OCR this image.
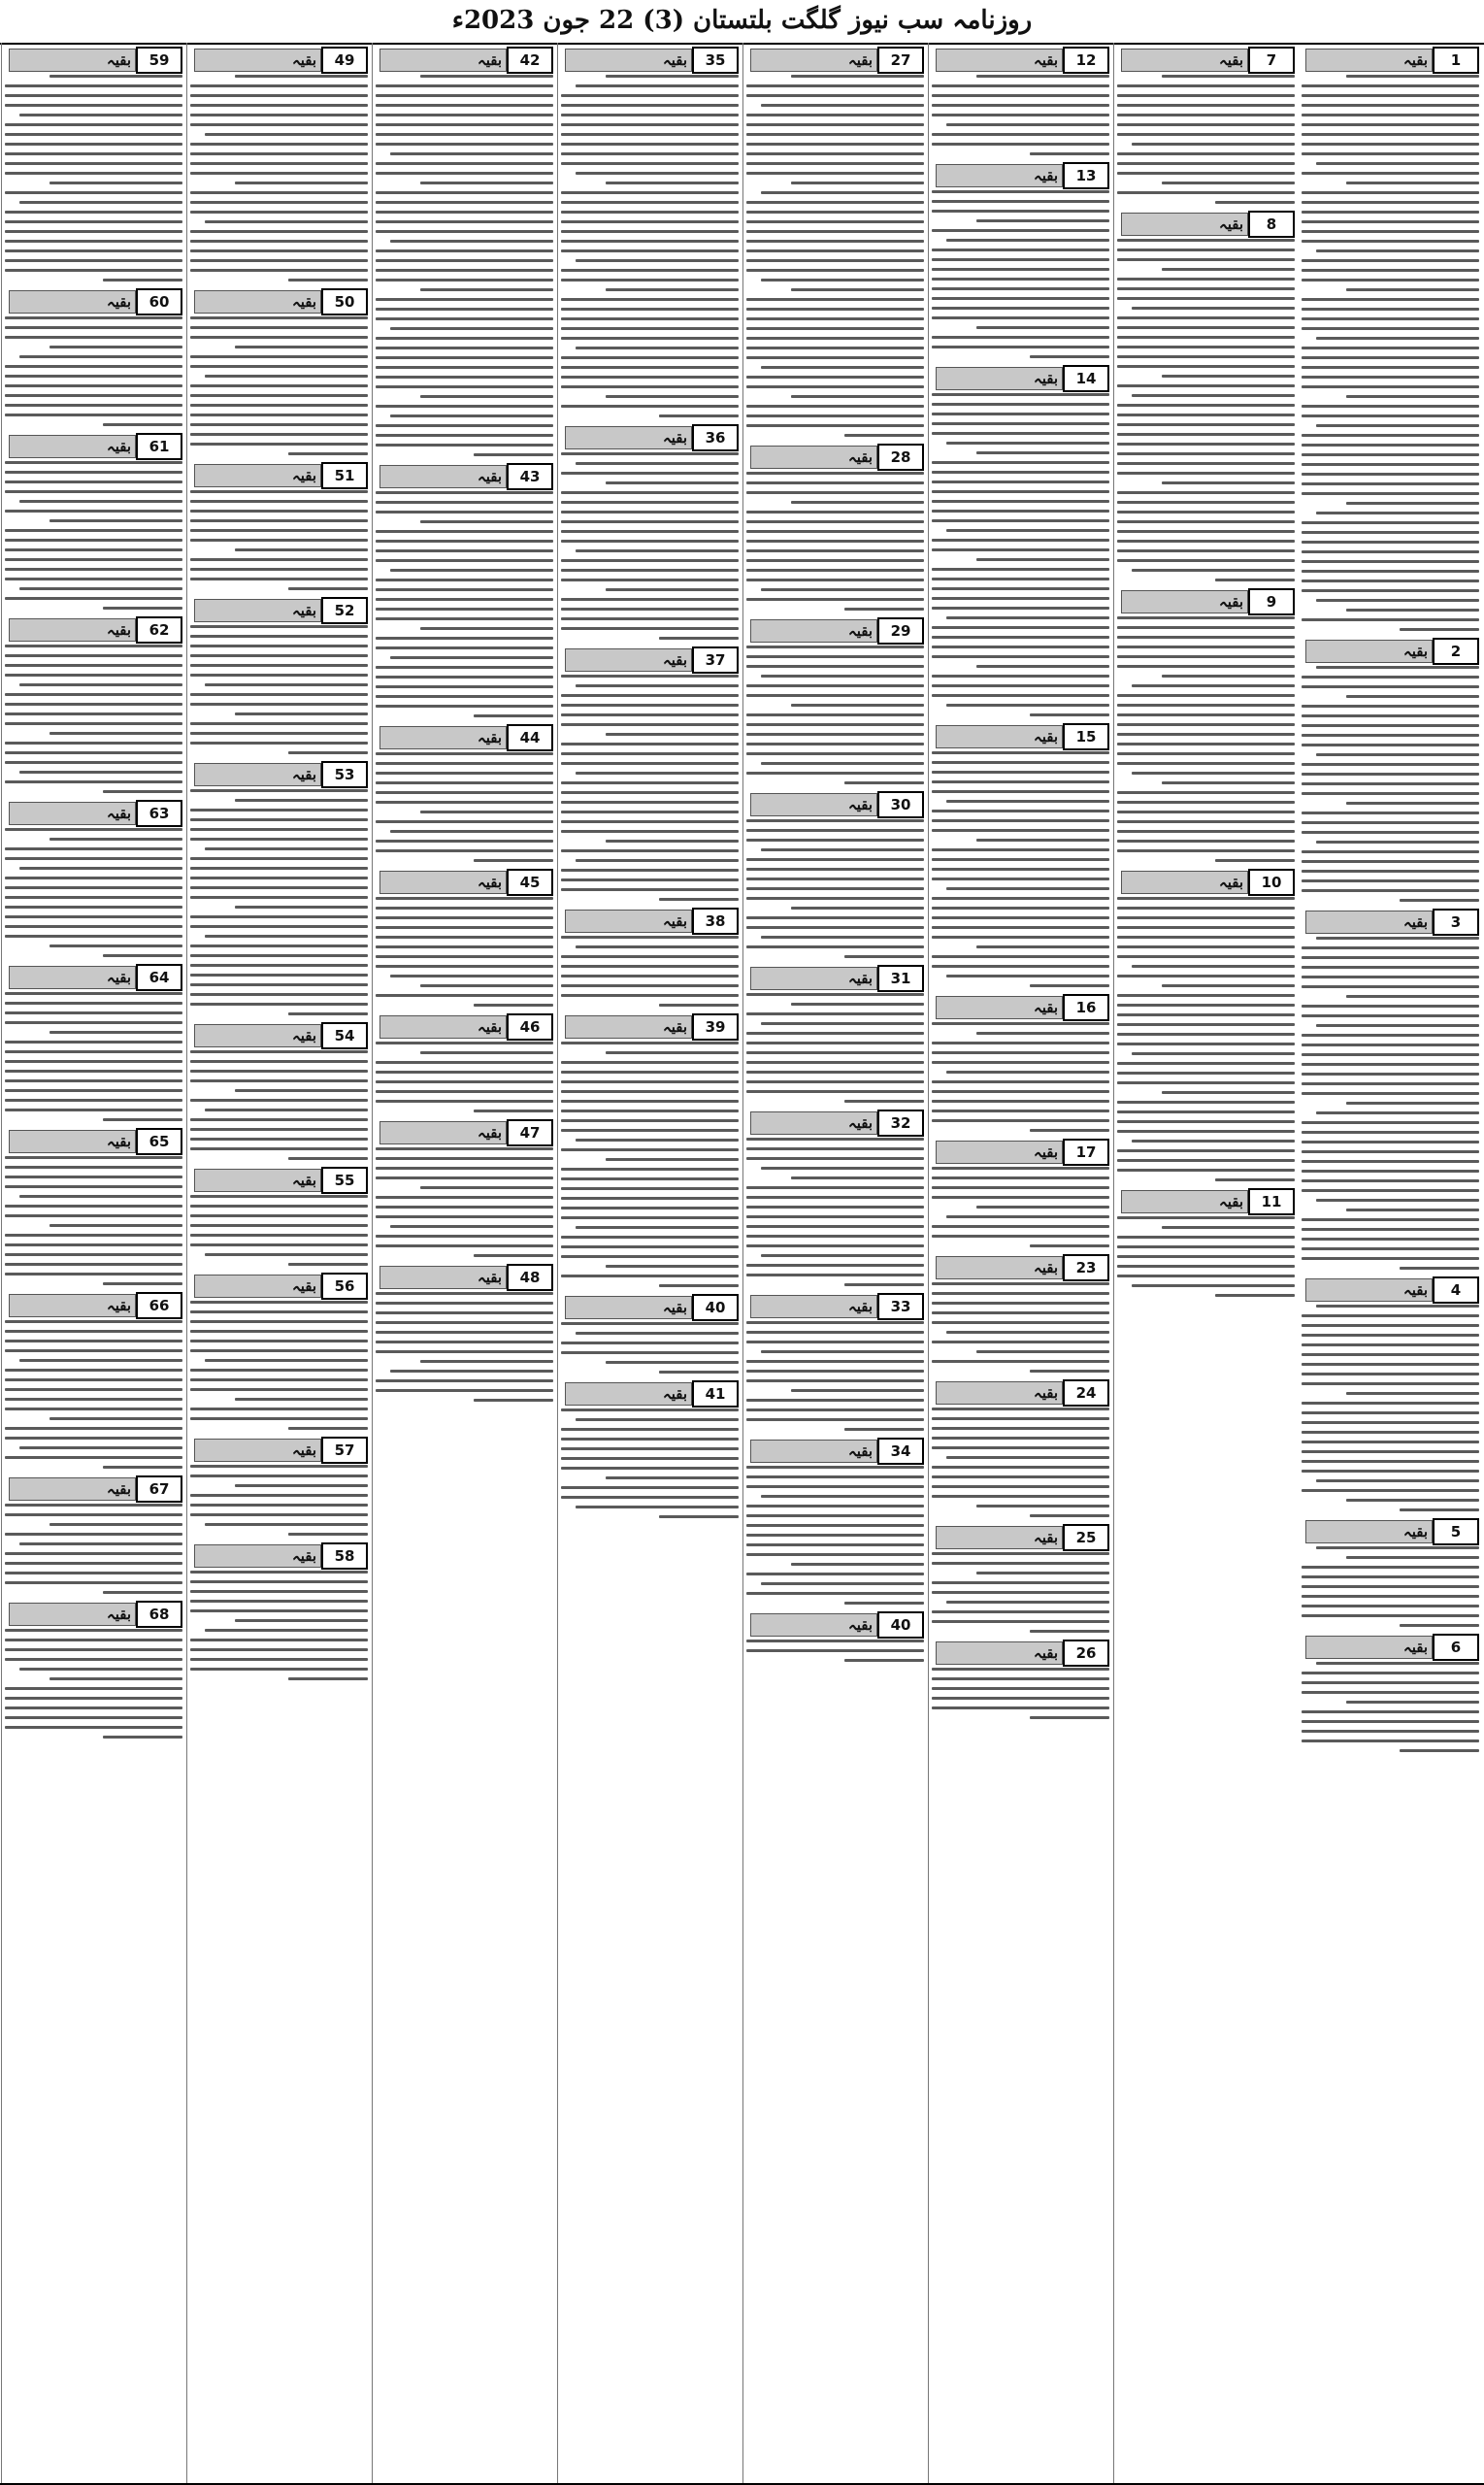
روزنامہ سب نیوز گلگت بلتستان (3) 22 جون 2023ء
بقیہ	1
بقیہ	2
بقیہ	3
بقیہ	4
بقیہ	5
بقیہ	6
بقیہ	7
بقیہ	8
بقیہ	9
بقیہ	10
بقیہ	11
بقیہ	12
بقیہ	13
بقیہ	14
بقیہ	15
بقیہ	16
بقیہ	17
بقیہ	23
بقیہ	24
بقیہ	25
بقیہ	26
بقیہ	27
بقیہ	28
بقیہ	29
بقیہ	30
بقیہ	31
بقیہ	32
بقیہ	33
بقیہ	34
بقیہ	40
بقیہ	35
بقیہ	36
بقیہ	37
بقیہ	38
بقیہ	39
بقیہ	40
بقیہ	41
بقیہ	42
بقیہ	43
بقیہ	44
بقیہ	45
بقیہ	46
بقیہ	47
بقیہ	48
بقیہ	49
بقیہ	50
بقیہ	51
بقیہ	52
بقیہ	53
بقیہ	54
بقیہ	55
بقیہ	56
بقیہ	57
بقیہ	58
بقیہ	59
بقیہ	60
بقیہ	61
بقیہ	62
بقیہ	63
بقیہ	64
بقیہ	65
بقیہ	66
بقیہ	67
بقیہ	68
